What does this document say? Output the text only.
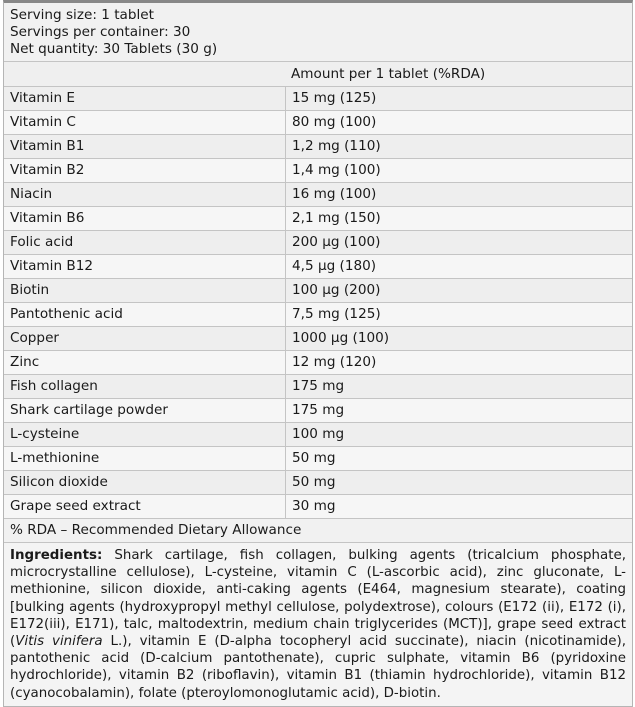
Serving size: 1 tablet
Servings per container: 30
Net quantity: 30 Tablets (30 g)
Amount per 1 tablet (%RDA)
Vitamin E	15 mg (125)
Vitamin C	80 mg (100)
Vitamin B1	1,2 mg (110)
Vitamin B2	1,4 mg (100)
Niacin	16 mg (100)
Vitamin B6	2,1 mg (150)
Folic acid	200 µg (100)
Vitamin B12	4,5 µg (180)
Biotin	100 µg (200)
Pantothenic acid	7,5 mg (125)
Copper	1000 µg (100)
Zinc	12 mg (120)
Fish collagen	175 mg
Shark cartilage powder	175 mg
L-cysteine	100 mg
L-methionine	50 mg
Silicon dioxide	50 mg
Grape seed extract	30 mg
% RDA – Recommended Dietary Allowance
Ingredients: Shark cartilage, fish collagen, bulking agents (tricalcium phosphate, microcrystalline cellulose), L-cysteine, vitamin C (L-ascorbic acid), zinc gluconate, L-methionine, silicon dioxide, anti-caking agents (E464, magnesium stearate), coating [bulking agents (hydroxypropyl methyl cellulose, polydextrose), colours (E172 (ii), E172 (i), E172(iii), E171), talc, maltodextrin, medium chain triglycerides (MCT)], grape seed extract (Vitis vinifera L.), vitamin E (D-alpha tocopheryl acid succinate), niacin (nicotinamide), pantothenic acid (D-calcium pantothenate), cupric sulphate, vitamin B6 (pyridoxine hydrochloride), vitamin B2 (riboflavin), vitamin B1 (thiamin hydrochloride), vitamin B12 (cyanocobalamin), folate (pteroylomonoglutamic acid), D-biotin.
